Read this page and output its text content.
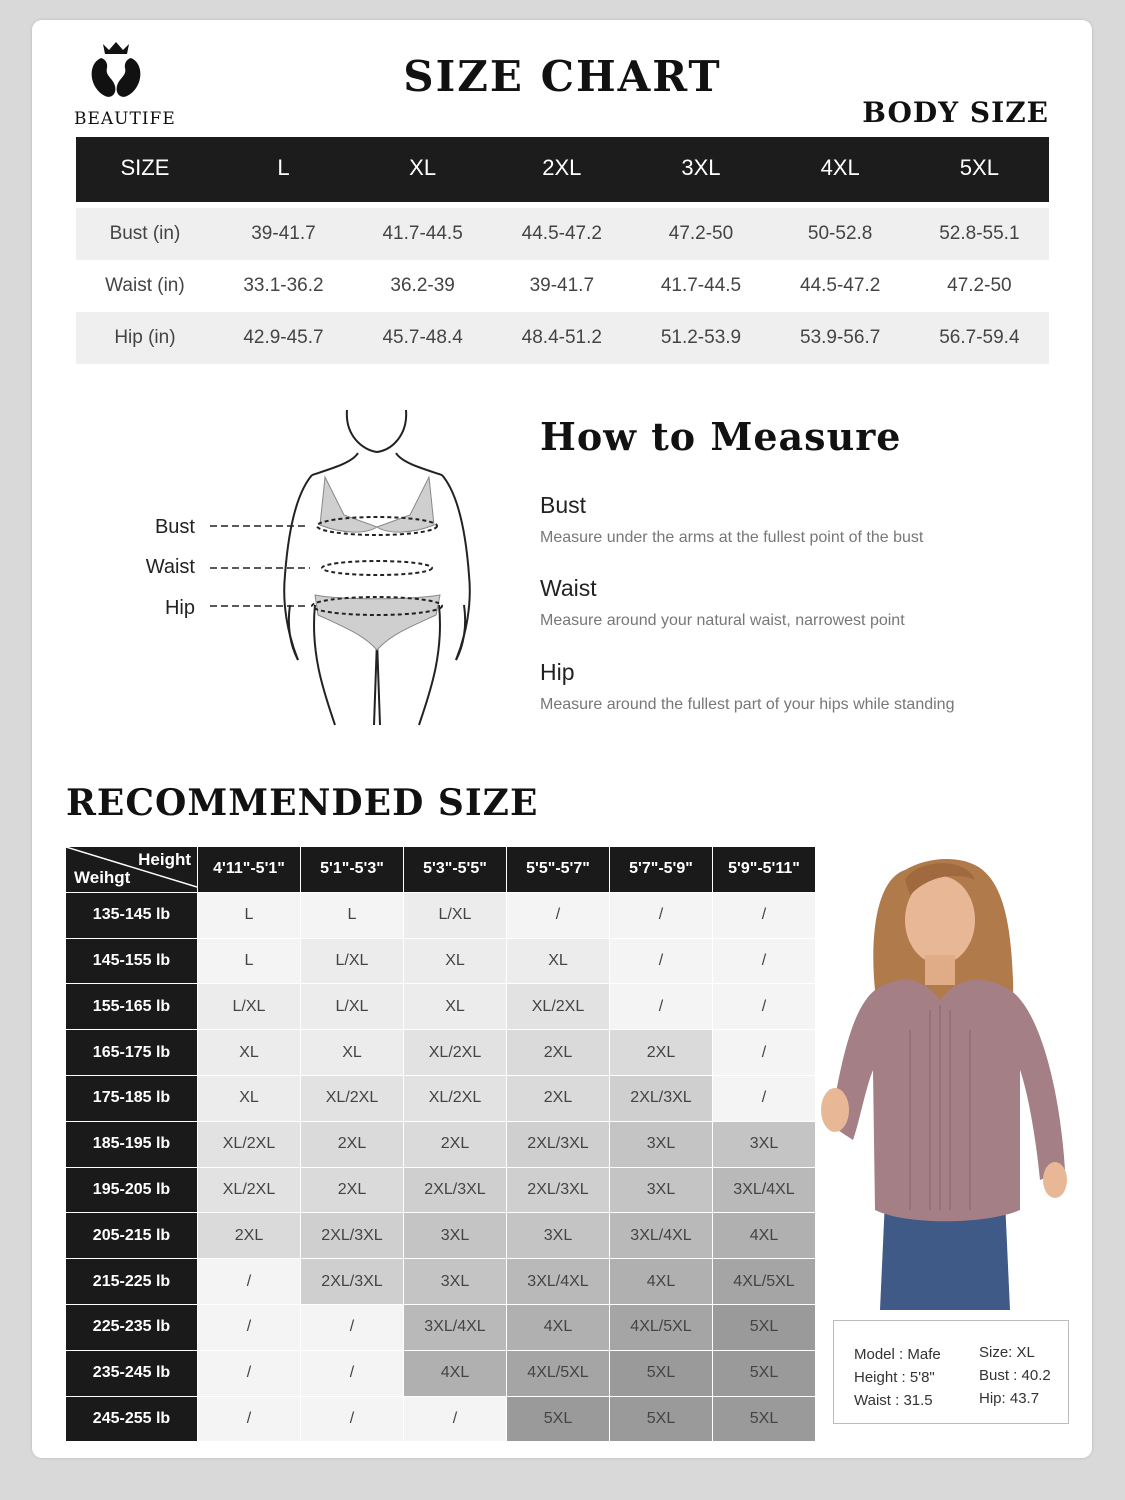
BEAUTIFE
SIZE CHART
BODY SIZE
SIZE	L	XL	2XL	3XL	4XL	5XL

Bust (in)	39-41.7	41.7-44.5	44.5-47.2	47.2-50	50-52.8	52.8-55.1
Waist (in)	33.1-36.2	36.2-39	39-41.7	41.7-44.5	44.5-47.2	47.2-50
Hip (in)	42.9-45.7	45.7-48.4	48.4-51.2	51.2-53.9	53.9-56.7	56.7-59.4
Bust
Waist
Hip
How to Measure
Bust
Measure under the arms at the fullest point of the bust
Waist
Measure around your natural waist, narrowest point
Hip
Measure around the fullest part of your hips while standing
RECOMMENDED SIZE
Height
Weihgt	4'11"-5'1"	5'1"-5'3"	5'3"-5'5"	5'5"-5'7"	5'7"-5'9"	5'9"-5'11"
135-145 lb	L	L	L/XL	/	/	/
145-155 lb	L	L/XL	XL	XL	/	/
155-165 lb	L/XL	L/XL	XL	XL/2XL	/	/
165-175 lb	XL	XL	XL/2XL	2XL	2XL	/
175-185 lb	XL	XL/2XL	XL/2XL	2XL	2XL/3XL	/
185-195 lb	XL/2XL	2XL	2XL	2XL/3XL	3XL	3XL
195-205 lb	XL/2XL	2XL	2XL/3XL	2XL/3XL	3XL	3XL/4XL
205-215 lb	2XL	2XL/3XL	3XL	3XL	3XL/4XL	4XL
215-225 lb	/	2XL/3XL	3XL	3XL/4XL	4XL	4XL/5XL
225-235 lb	/	/	3XL/4XL	4XL	4XL/5XL	5XL
235-245 lb	/	/	4XL	4XL/5XL	5XL	5XL
245-255 lb	/	/	/	5XL	5XL	5XL
Model : Mafe
Height : 5'8"
Waist : 31.5
Size: XL
Bust : 40.2
Hip: 43.7
